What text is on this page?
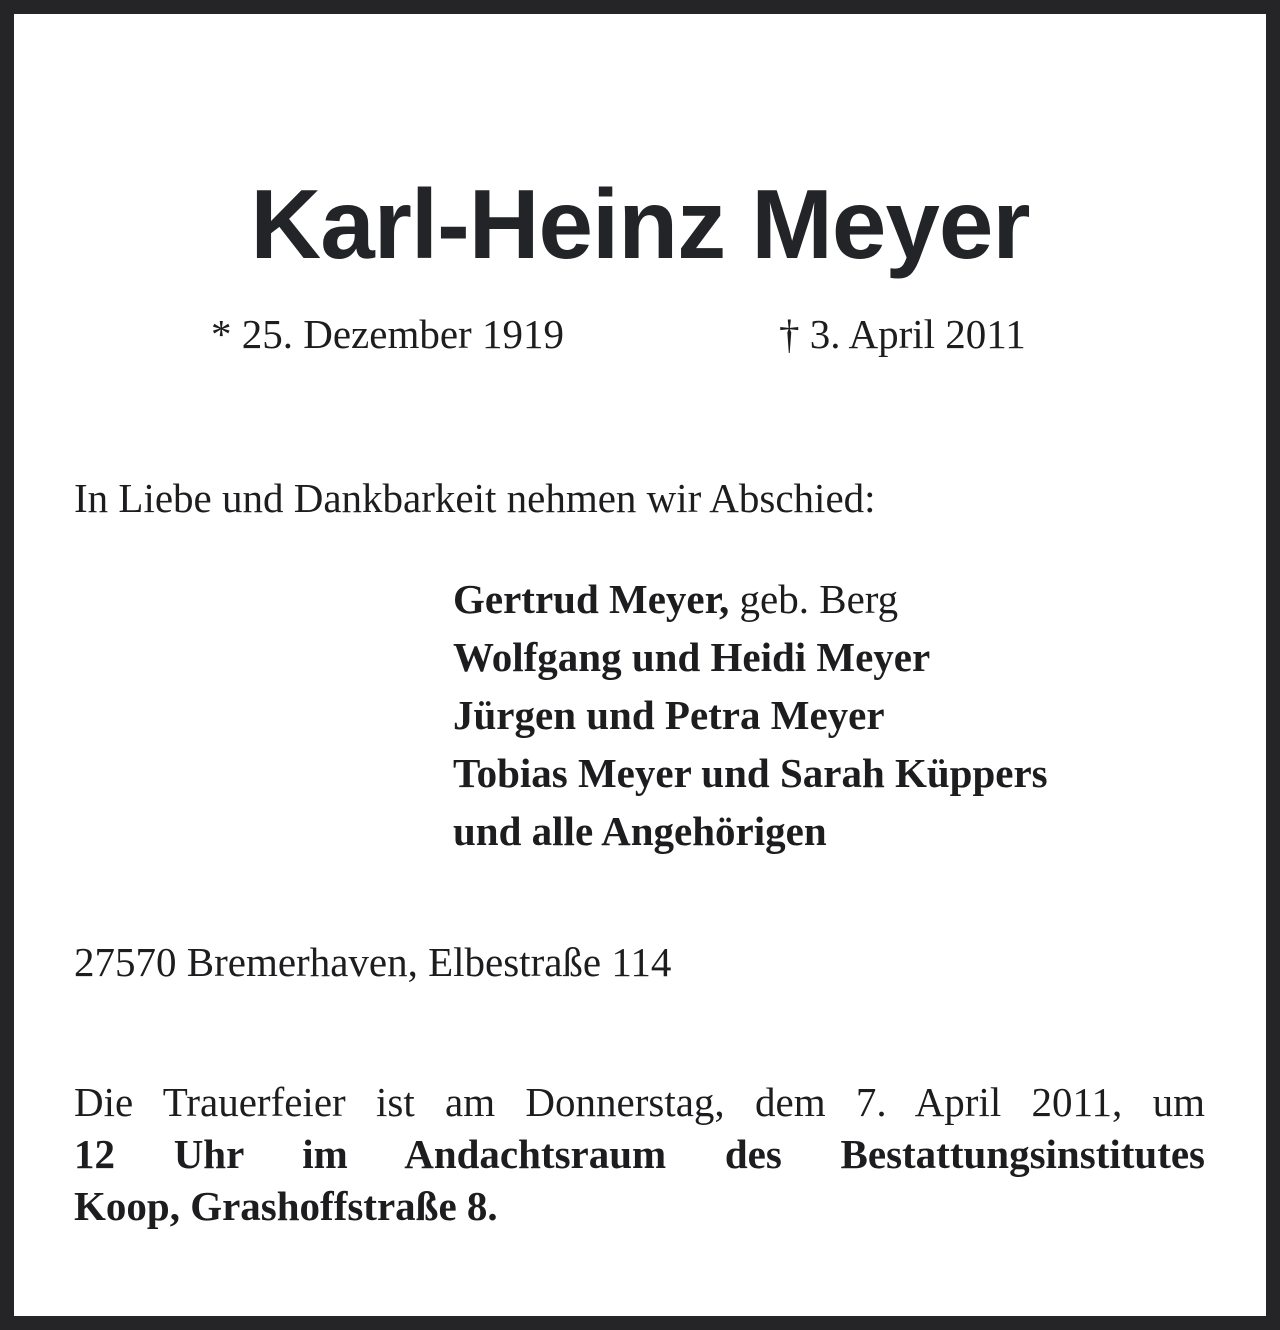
Karl-Heinz Meyer
* 25. Dezember 1919	† 3. April 2011
In Liebe und Dankbarkeit nehmen wir Abschied:
Gertrud Meyer, geb. Berg
Wolfgang und Heidi Meyer
Jürgen und Petra Meyer
Tobias Meyer und Sarah Küppers
und alle Angehörigen
27570 Bremerhaven, Elbestraße 114
Die Trauerfeier ist am Donnerstag, dem 7. April 2011, um
12 Uhr im Andachtsraum des Bestattungsinstitutes
Koop, Grashoffstraße 8.
